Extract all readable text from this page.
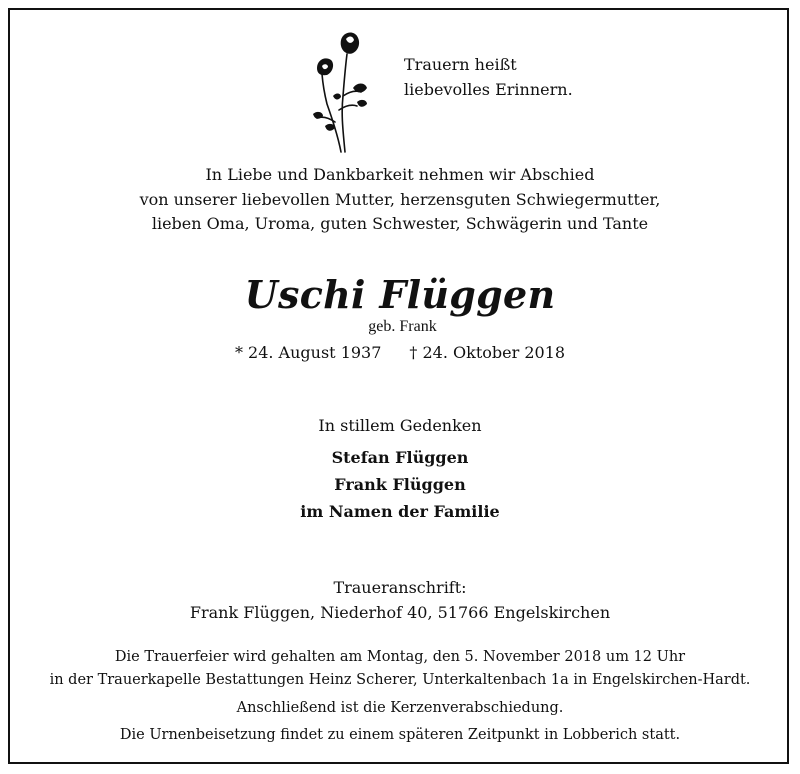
Trauern heißt
liebevolles Erinnern.
In Liebe und Dankbarkeit nehmen wir Abschied
von unserer liebevollen Mutter, herzensguten Schwiegermutter,
lieben Oma, Uroma, guten Schwester, Schwägerin und Tante
Uschi Flüggen
geb. Frank
* 24. August 1937 † 24. Oktober 2018
In stillem Gedenken
Stefan Flüggen
Frank Flüggen
im Namen der Familie
Traueranschrift:
Frank Flüggen, Niederhof 40, 51766 Engelskirchen
Die Trauerfeier wird gehalten am Montag, den 5. November 2018 um 12 Uhr
in der Trauerkapelle Bestattungen Heinz Scherer, Unterkaltenbach 1a in Engelskirchen-Hardt.
Anschließend ist die Kerzenverabschiedung.
Die Urnenbeisetzung findet zu einem späteren Zeitpunkt in Lobberich statt.
